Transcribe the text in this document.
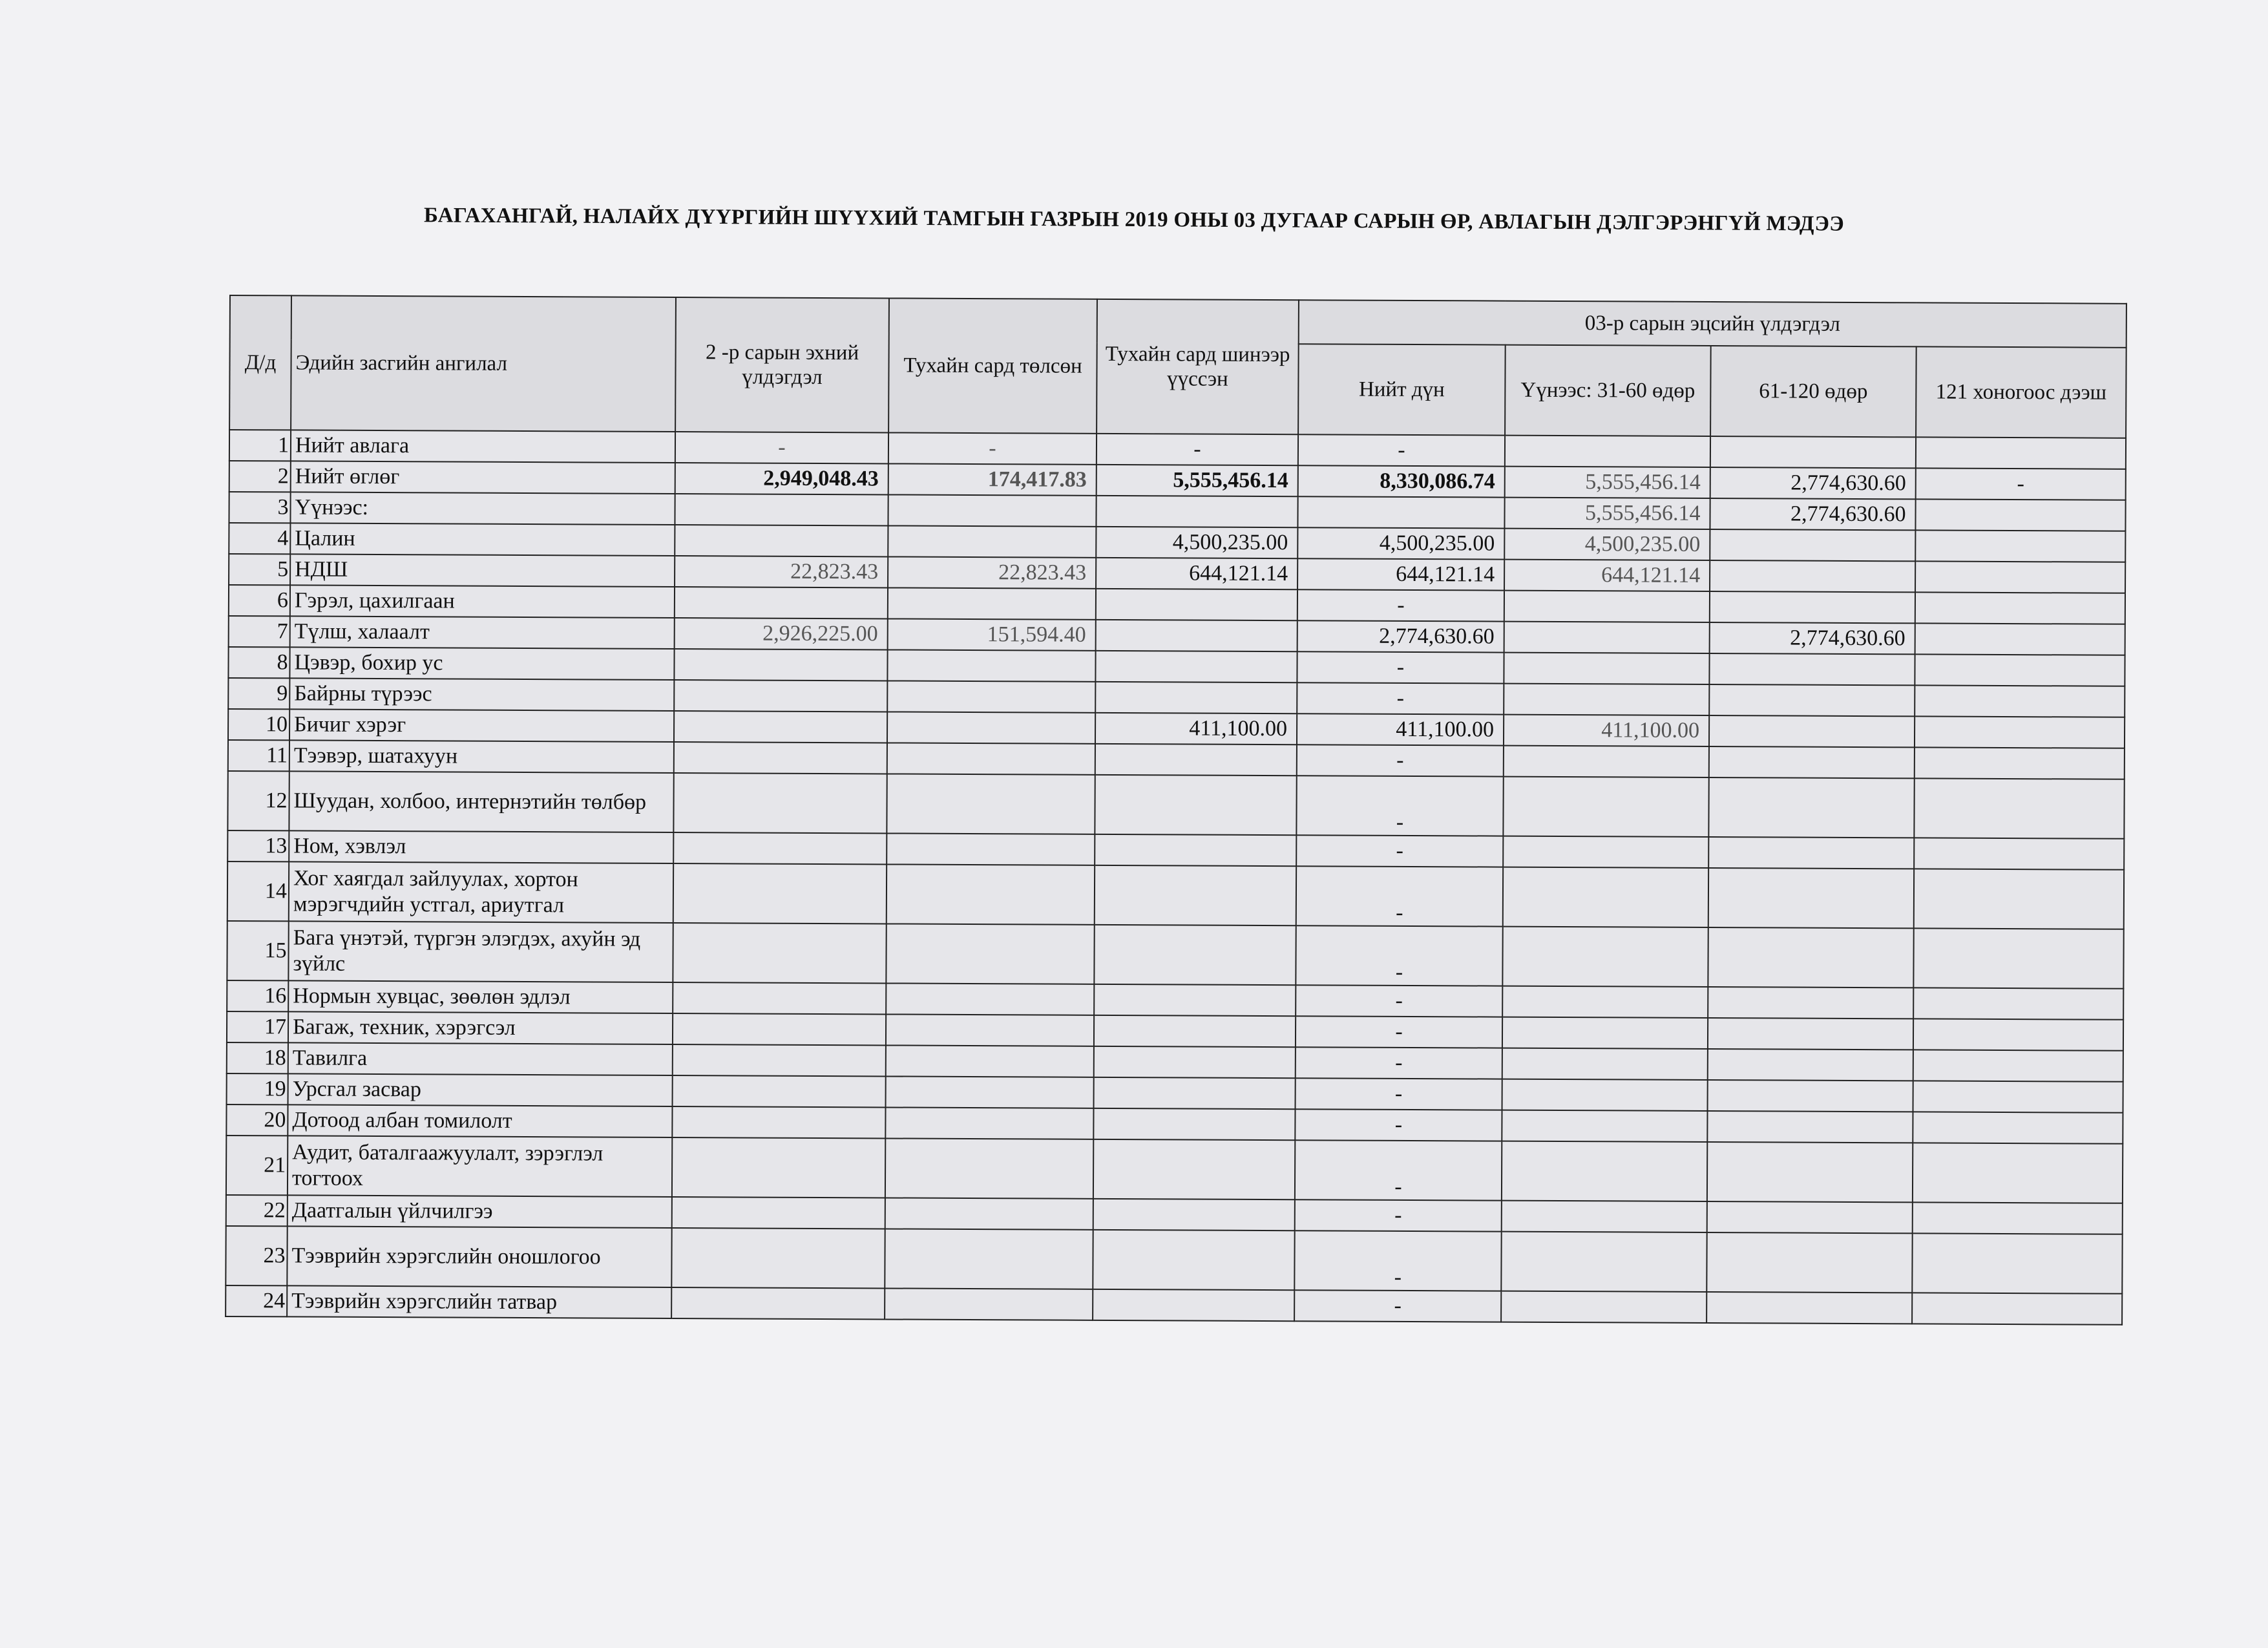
БАГАХАНГАЙ, НАЛАЙХ ДҮҮРГИЙН ШҮҮХИЙ ТАМГЫН ГАЗРЫН 2019 ОНЫ 03 ДУГААР САРЫН ӨР, АВЛАГЫН ДЭЛГЭРЭНГҮЙ МЭДЭЭ
Д/д	Эдийн засгийн ангилал	2 -р сарын эхний үлдэгдэл	Тухайн сард төлсөн	Тухайн сард шинээр үүссэн	03-р сарын эцсийн үлдэгдэл			
					Нийт дүн	Үүнээс: 31-60 өдөр	61-120 өдөр	121 хоногоос дээш
1	Нийт авлага	-	-	-	-			
2	Нийт өглөг	2,949,048.43	174,417.83	5,555,456.14	8,330,086.74	5,555,456.14	2,774,630.60	-
3	Үүнээс:					5,555,456.14	2,774,630.60	
4	Цалин			4,500,235.00	4,500,235.00	4,500,235.00		
5	НДШ	22,823.43	22,823.43	644,121.14	644,121.14	644,121.14		
6	Гэрэл, цахилгаан				-			
7	Түлш, халаалт	2,926,225.00	151,594.40		2,774,630.60		2,774,630.60	
8	Цэвэр, бохир ус				-			
9	Байрны түрээс				-			
10	Бичиг хэрэг			411,100.00	411,100.00	411,100.00		
11	Тээвэр, шатахуун				-			
12	Шуудан, холбоо, интернэтийн төлбөр				-			
13	Ном, хэвлэл				-			
14	Хог хаягдал зайлуулах, хортон мэрэгчдийн устгал, ариутгал				-			
15	Бага үнэтэй, түргэн элэгдэх, ахуйн эд зүйлс				-			
16	Нормын хувцас, зөөлөн эдлэл				-			
17	Багаж, техник, хэрэгсэл				-			
18	Тавилга				-			
19	Урсгал засвар				-			
20	Дотоод албан томилолт				-			
21	Аудит, баталгаажуулалт, зэрэглэл тогтоох				-			
22	Даатгалын үйлчилгээ				-			
23	Тээврийн хэрэгслийн оношлогоо				-			
24	Тээврийн хэрэгслийн татвар				-			
